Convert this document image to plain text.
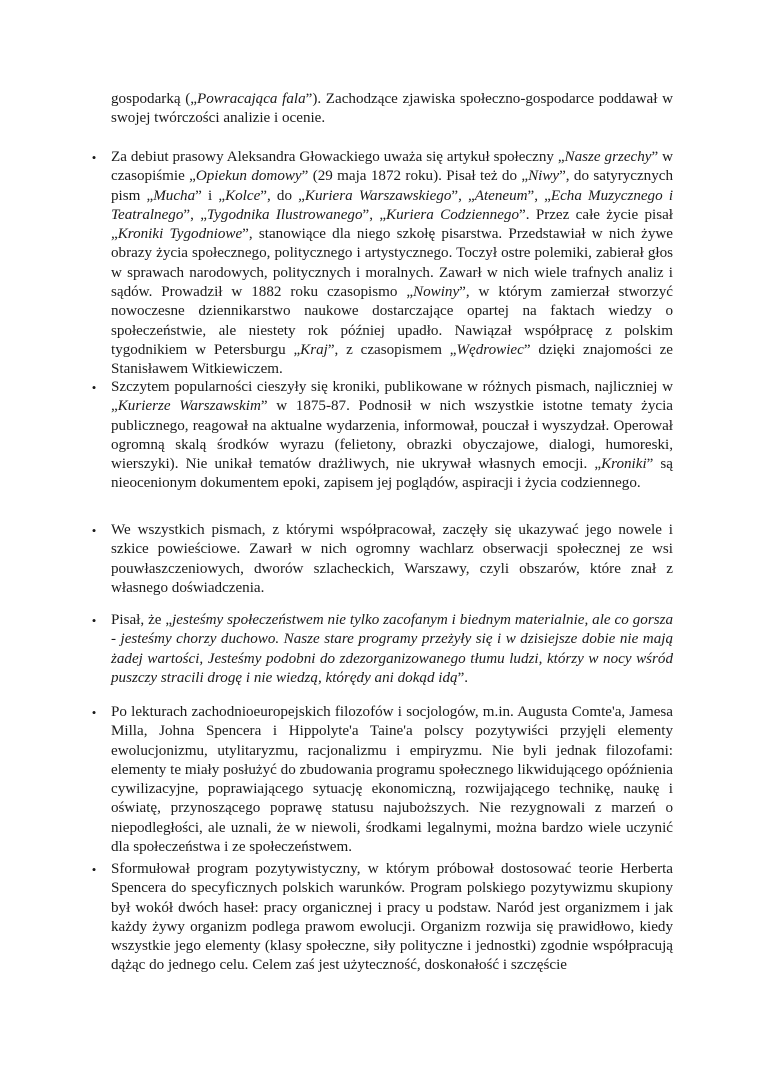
gospodarką („Powracająca fala”). Zachodzące zjawiska społeczno-gospodarce poddawał w swojej twórczości analizie i ocenie.
• Za debiut prasowy Aleksandra Głowackiego uważa się artykuł społeczny „Nasze grzechy” w czasopiśmie „Opiekun domowy” (29 maja 1872 roku). Pisał też do „Niwy”, do satyrycznych pism „Mucha” i „Kolce”, do „Kuriera Warszawskiego”, „Ateneum”, „Echa Muzycznego i Teatralnego”, „Tygodnika Ilustrowanego”, „Kuriera Codziennego”. Przez całe życie pisał „Kroniki Tygodniowe”, stanowiące dla niego szkołę pisarstwa. Przedstawiał w nich żywe obrazy życia społecznego, politycznego i artystycznego. Toczył ostre polemiki, zabierał głos w sprawach narodowych, politycznych i moralnych. Zawarł w nich wiele trafnych analiz i sądów. Prowadził w 1882 roku czasopismo „Nowiny”, w którym zamierzał stworzyć nowoczesne dziennikarstwo naukowe dostarczające opartej na faktach wiedzy o społeczeństwie, ale niestety rok później upadło. Nawiązał współpracę z polskim tygodnikiem w Petersburgu „Kraj”, z czasopismem „Wędrowiec” dzięki znajomości ze Stanisławem Witkiewiczem.
• Szczytem popularności cieszyły się kroniki, publikowane w różnych pismach, najliczniej w „Kurierze Warszawskim” w 1875-87. Podnosił w nich wszystkie istotne tematy życia publicznego, reagował na aktualne wydarzenia, informował, pouczał i wyszydzał. Operował ogromną skalą środków wyrazu (felietony, obrazki obyczajowe, dialogi, humoreski, wierszyki). Nie unikał tematów drażliwych, nie ukrywał własnych emocji. „Kroniki” są nieocenionym dokumentem epoki, zapisem jej poglądów, aspiracji i życia codziennego.
• We wszystkich pismach, z którymi współpracował, zaczęły się ukazywać jego nowele i szkice powieściowe. Zawarł w nich ogromny wachlarz obserwacji społecznej ze wsi pouwłaszczeniowych, dworów szlacheckich, Warszawy, czyli obszarów, które znał z własnego doświadczenia.
• Pisał, że „jesteśmy społeczeństwem nie tylko zacofanym i biednym materialnie, ale co gorsza - jesteśmy chorzy duchowo. Nasze stare programy przeżyły się i w dzisiejsze dobie nie mają żadej wartości, Jesteśmy podobni do zdezorganizowanego tłumu ludzi, którzy w nocy wśród puszczy stracili drogę i nie wiedzą, ktόrędy ani dokąd idą”.
• Po lekturach zachodnioeuropejskich filozofów i socjologów, m.in. Augusta Comte'a, Jamesa Milla, Johna Spencera i Hippolyte'a Taine'a polscy pozytywiści przyjęli elementy ewolucjonizmu, utylitaryzmu, racjonalizmu i empiryzmu. Nie byli jednak filozofami: elementy te miały posłużyć do zbudowania programu społecznego likwidującego opóźnienia cywilizacyjne, poprawiającego sytuację ekonomiczną, rozwijającego technikę, naukę i oświatę, przynoszącego poprawę statusu najuboższych. Nie rezygnowali z marzeń o niepodległości, ale uznali, że w niewoli, środkami legalnymi, można bardzo wiele uczynić dla społeczeństwa i ze społeczeństwem.
• Sformułował program pozytywistyczny, w którym próbował dostosować teorie Herberta Spencera do specyficznych polskich warunków. Program polskiego pozytywizmu skupiony był wokół dwóch haseł: pracy organicznej i pracy u podstaw. Naród jest organizmem i jak każdy żywy organizm podlega prawom ewolucji. Organizm rozwija się prawidłowo, kiedy wszystkie jego elementy (klasy społeczne, siły polityczne i jednostki) zgodnie współpracują dążąc do jednego celu. Celem zaś jest użyteczność, doskonałość i szczęście
